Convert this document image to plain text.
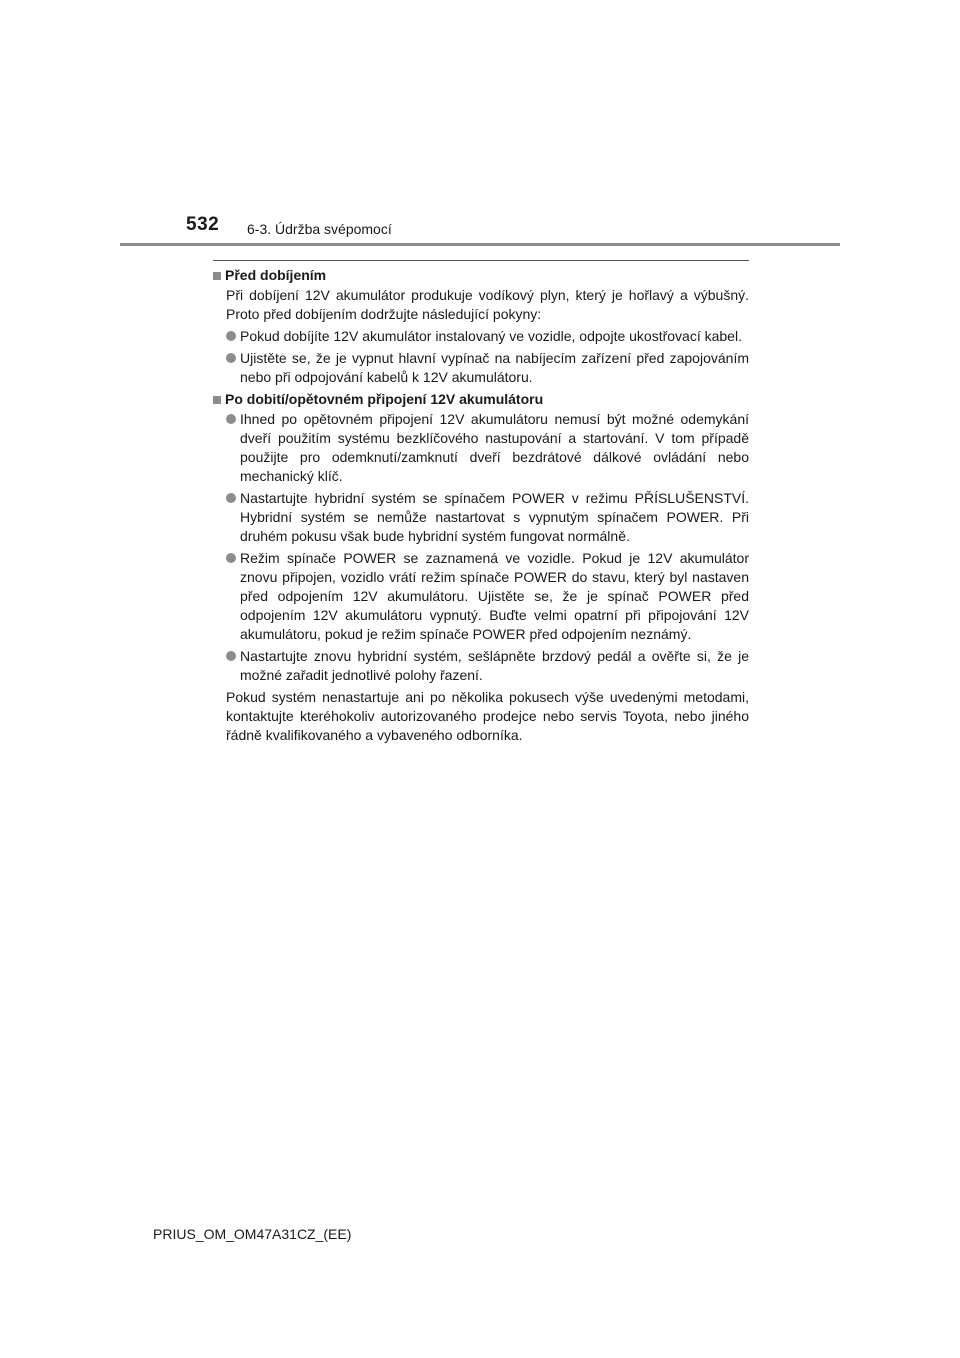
532 6-3. Údržba svépomocí
Před dobíjením

Při dobíjení 12V akumulátor produkuje vodíkový plyn, který je hořlavý a výbušný. Proto před dobíjením dodržujte následující pokyny:

Pokud dobíjíte 12V akumulátor instalovaný ve vozidle, odpojte ukostřovací kabel.
Ujistěte se, že je vypnut hlavní vypínač na nabíjecím zařízení před zapojováním nebo při odpojování kabelů k 12V akumulátoru.
Po dobití/opětovném připojení 12V akumulátoru
Ihned po opětovném připojení 12V akumulátoru nemusí být možné odemykání dveří použitím systému bezklíčového nastupování a startování. V tom případě použijte pro odemknutí/zamknutí dveří bezdrátové dálkové ovládání nebo mechanický klíč.
Nastartujte hybridní systém se spínačem POWER v režimu PŘÍSLUŠENSTVÍ. Hybridní systém se nemůže nastartovat s vypnutým spínačem POWER. Při druhém pokusu však bude hybridní systém fungovat normálně.
Režim spínače POWER se zaznamená ve vozidle. Pokud je 12V akumulátor znovu připojen, vozidlo vrátí režim spínače POWER do stavu, který byl nastaven před odpojením 12V akumulátoru. Ujistěte se, že je spínač POWER před odpojením 12V akumulátoru vypnutý. Buďte velmi opatrní při připojování 12V akumulátoru, pokud je režim spínače POWER před odpojením neznámý.
Nastartujte znovu hybridní systém, sešlápněte brzdový pedál a ověřte si, že je možné zařadit jednotlivé polohy řazení.

Pokud systém nenastartuje ani po několika pokusech výše uvedenými metodami, kontaktujte kteréhokoliv autorizovaného prodejce nebo servis Toyota, nebo jiného řádně kvalifikovaného a vybaveného odborníka.

PRIUS_OM_OM47A31CZ_(EE)
